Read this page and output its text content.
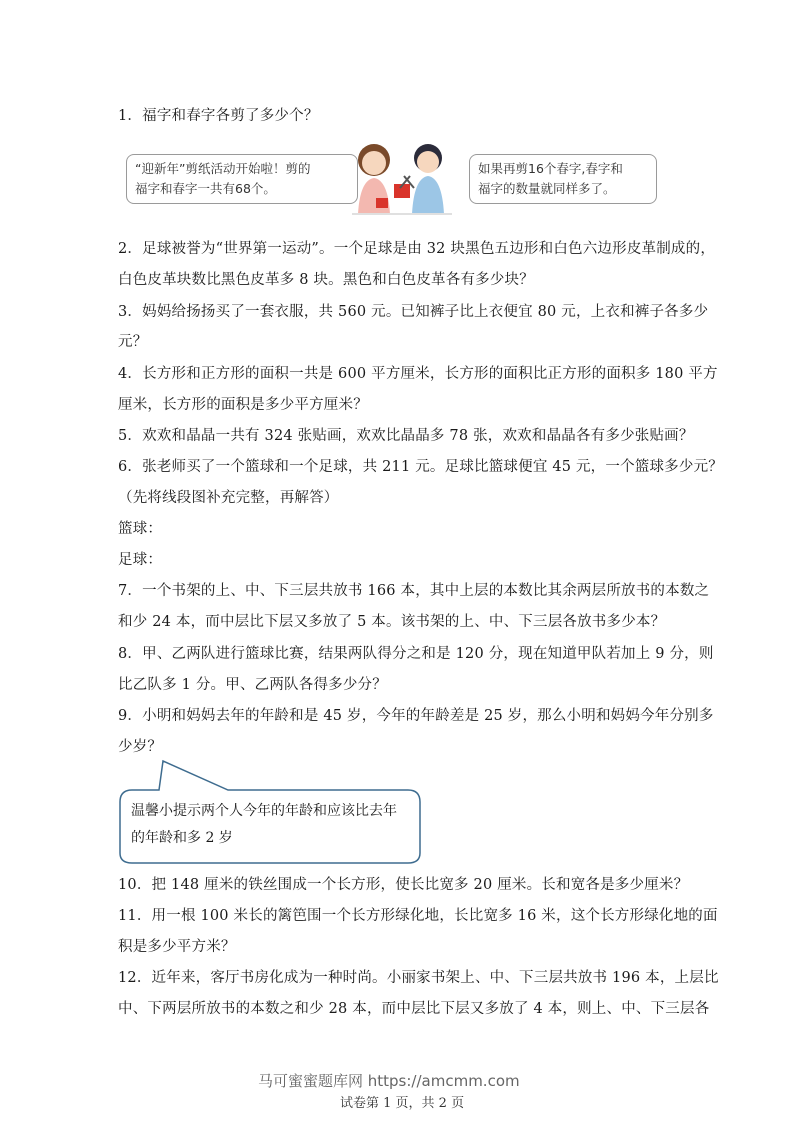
1．福字和春字各剪了多少个？
“迎新年”剪纸活动开始啦！剪的
福字和春字一共有68个。
如果再剪16个春字,春字和
福字的数量就同样多了。
2．足球被誉为“世界第一运动”。一个足球是由 32 块黑色五边形和白色六边形皮革制成的，
白色皮革块数比黑色皮革多 8 块。黑色和白色皮革各有多少块？
3．妈妈给扬扬买了一套衣服，共 560 元。已知裤子比上衣便宜 80 元，上衣和裤子各多少
元？
4．长方形和正方形的面积一共是 600 平方厘米，长方形的面积比正方形的面积多 180 平方
厘米，长方形的面积是多少平方厘米？
5．欢欢和晶晶一共有 324 张贴画，欢欢比晶晶多 78 张，欢欢和晶晶各有多少张贴画？
6．张老师买了一个篮球和一个足球，共 211 元。足球比篮球便宜 45 元，一个篮球多少元？
（先将线段图补充完整，再解答）
篮球：
足球：
7．一个书架的上、中、下三层共放书 166 本，其中上层的本数比其余两层所放书的本数之
和少 24 本，而中层比下层又多放了 5 本。该书架的上、中、下三层各放书多少本？
8．甲、乙两队进行篮球比赛，结果两队得分之和是 120 分，现在知道甲队若加上 9 分，则
比乙队多 1 分。甲、乙两队各得多少分？
9．小明和妈妈去年的年龄和是 45 岁，今年的年龄差是 25 岁，那么小明和妈妈今年分别多
少岁？
温馨小提示两个人今年的年龄和应该比去年
的年龄和多 2 岁
10．把 148 厘米的铁丝围成一个长方形，使长比宽多 20 厘米。长和宽各是多少厘米？
11．用一根 100 米长的篱笆围一个长方形绿化地，长比宽多 16 米，这个长方形绿化地的面
积是多少平方米？
12．近年来，客厅书房化成为一种时尚。小丽家书架上、中、下三层共放书 196 本，上层比
中、下两层所放书的本数之和少 28 本，而中层比下层又多放了 4 本，则上、中、下三层各
马可蜜蜜题库网 https://amcmm.com
试卷第 1 页，共 2 页
